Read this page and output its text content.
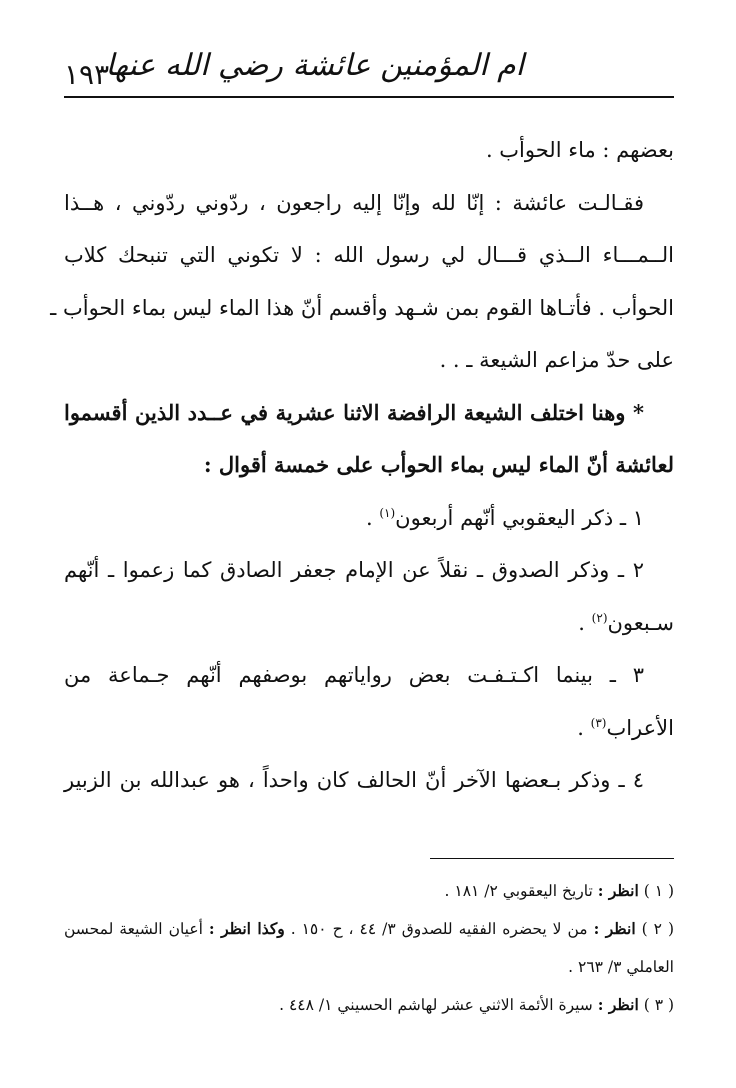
١٩٣
ام المؤمنين عائشة رضي الله عنها

بعضهم : ماء الحوأب .

فقـالـت عائشة : إنّا لله وإنّا إليه راجعون ، ردّوني ردّوني ، هــذا

الــمـــاء الــذي قـــال لي رسول الله : لا تكوني التي تنبحك كلاب

الحوأب . فأتـاها القوم بمن شـهد وأقسم أنّ هذا الماء ليس بماء الحوأب ـ

على حدّ مزاعم الشيعة ـ . .

* وهنا اختلف الشيعة الرافضة الاثنا عشرية في عــدد الذين أقسموا

لعائشة أنّ الماء ليس بماء الحوأب على خمسة أقوال :

١ ـ ذكر اليعقوبي أنّهم أربعون$^{(١)}$ .

٢ ـ وذكر الصدوق ـ نقلاً عن الإمام جعفر الصادق كما زعموا ـ أنّهم

سـبعون$^{(٢)}$ .

٣ ـ بينما اكـتـفـت بعض رواياتهم بوصفهم أنّهم جـماعة من

الأعراب$^{(٣)}$ .

٤ ـ وذكر بـعضها الآخر أنّ الحالف كان واحداً ، هو عبدالله بن الزبير

( ١ ) انظر : تاريخ اليعقوبي ٢/ ١٨١ .

( ٢ ) انظر : من لا يحضره الفقيه للصدوق ٣/ ٤٤ ، ح ١٥٠ . وكذا انظر : أعيان الشيعة لمحسن

العاملي ٣/ ٢٦٣ .

( ٣ ) انظر : سيرة الأئمة الاثني عشر لهاشم الحسيني ١/ ٤٤٨ .
